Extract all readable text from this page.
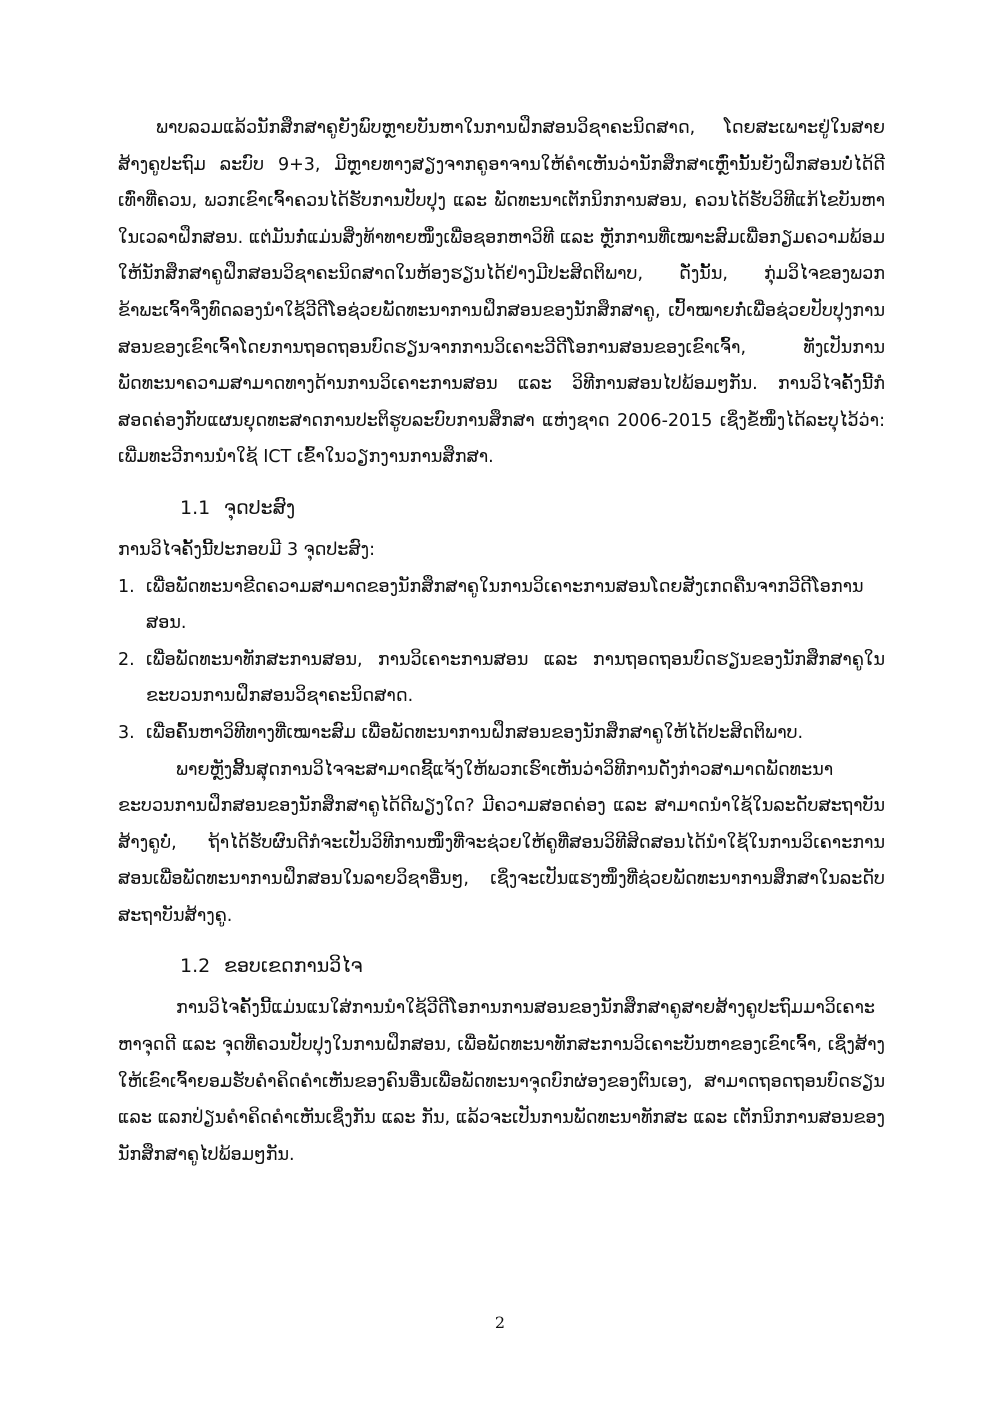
ພາບລວມແລ້ວນັກສຶກສາຄູຍັງພົບຫຼາຍບັນຫາໃນການຝຶກສອນວິຊາຄະນິດສາດ, ໂດຍສະເພາະຢູ່ໃນສາຍສ້າງຄູປະຖົມ ລະບົບ 9+3, ມີຫຼາຍທາງສຽງຈາກຄູອາຈານໃຫ້ຄໍາເຫັນວ່ານັກສຶກສາເຫຼົ່ານັ້ນຍັງຝຶກສອນບໍ່ໄດ້ດີເທົ່າທີ່ຄວນ, ພວກເຂົາເຈົ້າຄວນໄດ້ຮັບການປັບປຸງ ແລະ ພັດທະນາເຕັກນິກການສອນ, ຄວນໄດ້ຮັບວິທີແກ້ໄຂບັນຫາໃນເວລາຝຶກສອນ. ແຕ່ມັນກໍ່ແມ່ນສິ່ງທ້າທາຍໜຶ່ງເພື່ອຊອກຫາວິທີ ແລະ ຫຼັກການທີ່ເໝາະສົມເພື່ອກຽມຄວາມພ້ອມໃຫ້ນັກສຶກສາຄູຝຶກສອນວິຊາຄະນິດສາດໃນຫ້ອງຮຽນໄດ້ຢ່າງມີປະສິດຕິພາບ, ດັ່ງນັ້ນ, ກຸ່ມວິໄຈຂອງພວກຂ້າພະເຈົ້າຈຶ່ງທົດລອງນໍາໃຊ້ວີດີໂອຊ່ວຍພັດທະນາການຝຶກສອນຂອງນັກສຶກສາຄູ, ເປົ້າໝາຍກໍ່ເພື່ອຊ່ວຍປັບປຸງການສອນຂອງເຂົາເຈົ້າໂດຍການຖອດຖອນບົດຮຽນຈາກການວິເຄາະວີດີໂອການສອນຂອງເຂົາເຈົ້າ, ທັງເປັນການພັດທະນາຄວາມສາມາດທາງດ້ານການວິເຄາະການສອນ ແລະ ວິທີການສອນໄປພ້ອມໆກັນ. ການວິໄຈຄັ້ງນີ້ກໍສອດຄ່ອງກັບແຜນຍຸດທະສາດການປະຕິຮູບລະບົບການສຶກສາ ແຫ່ງຊາດ 2006-2015 ເຊິ່ງຂໍ້ໜຶ່ງໄດ້ລະບຸໄວ້ວ່າ: ເພີ່ມທະວີການນໍາໃຊ້ ICT ເຂົ້າໃນວຽກງານການສຶກສາ.

1.1 ຈຸດປະສົງ

ການວິໄຈຄັ້ງນີ້ປະກອບມີ 3 ຈຸດປະສົງ:

1. ເພື່ອພັດທະນາຂີດຄວາມສາມາດຂອງນັກສຶກສາຄູໃນການວິເຄາະການສອນໂດຍສັງເກດຄືນຈາກວີດີໂອການສອນ.
2. ເພື່ອພັດທະນາທັກສະການສອນ, ການວິເຄາະການສອນ ແລະ ການຖອດຖອນບົດຮຽນຂອງນັກສຶກສາຄູໃນຂະບວນການຝຶກສອນວິຊາຄະນິດສາດ.
3. ເພື່ອຄົ້ນຫາວິທີທາງທີ່ເໝາະສົມ ເພື່ອພັດທະນາການຝຶກສອນຂອງນັກສຶກສາຄູໃຫ້ໄດ້ປະສິດຕິພາບ.

ພາຍຫຼັງສິ້ນສຸດການວິໄຈຈະສາມາດຊີ້ແຈ້ງໃຫ້ພວກເຮົາເຫັນວ່າວິທີການດັ່ງກ່າວສາມາດພັດທະນາຂະບວນການຝຶກສອນຂອງນັກສຶກສາຄູໄດ້ດີພຽງໃດ? ມີຄວາມສອດຄ່ອງ ແລະ ສາມາດນໍາໃຊ້ໃນລະດັບສະຖາບັນສ້າງຄູບໍ່, ຖ້າໄດ້ຮັບຜົນດີກໍຈະເປັນວິທີການໜຶ່ງທີ່ຈະຊ່ວຍໃຫ້ຄູທີ່ສອນວິທີສິດສອນໄດ້ນໍາໃຊ້ໃນການວິເຄາະການສອນເພື່ອພັດທະນາການຝຶກສອນໃນລາຍວິຊາອື່ນໆ, ເຊິ່ງຈະເປັນແຮງໜຶ່ງທີ່ຊ່ວຍພັດທະນາການສຶກສາໃນລະດັບສະຖາບັນສ້າງຄູ.

1.2 ຂອບເຂດການວິໄຈ

ການວິໄຈຄັ້ງນີ້ແມ່ນແນໃສ່ການນໍາໃຊ້ວີດີໂອການການສອນຂອງນັກສຶກສາຄູສາຍສ້າງຄູປະຖົມມາວິເຄາະຫາຈຸດດີ ແລະ ຈຸດທີ່ຄວນປັບປຸງໃນການຝຶກສອນ, ເພື່ອພັດທະນາທັກສະການວິເຄາະບັນຫາຂອງເຂົາເຈົ້າ, ເຊິ່ງສ້າງໃຫ້ເຂົາເຈົ້າຍອມຮັບຄໍາຄິດຄໍາເຫັນຂອງຄົນອື່ນເພື່ອພັດທະນາຈຸດບົກຜ່ອງຂອງຕົນເອງ, ສາມາດຖອດຖອນບົດຮຽນ ແລະ ແລກປ່ຽນຄໍາຄິດຄໍາເຫັນເຊິ່ງກັນ ແລະ ກັນ, ແລ້ວຈະເປັນການພັດທະນາທັກສະ ແລະ ເຕັກນິກການສອນຂອງນັກສຶກສາຄູໄປພ້ອມໆກັນ.

2
